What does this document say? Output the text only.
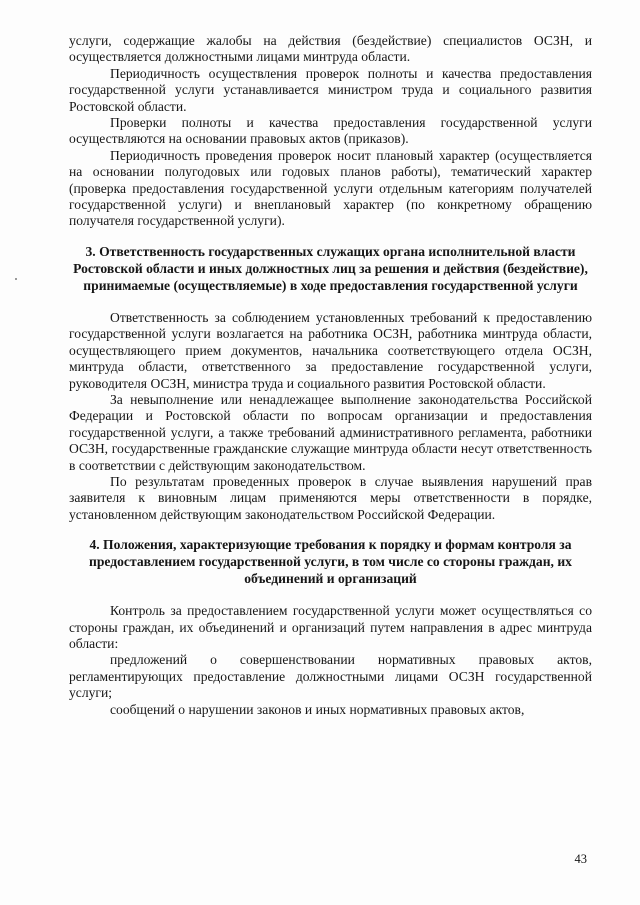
услуги, содержащие жалобы на действия (бездействие) специалистов ОСЗН, и осуществляется должностными лицами минтруда области.

Периодичность осуществления проверок полноты и качества предоставления государственной услуги устанавливается министром труда и социального развития Ростовской области.

Проверки полноты и качества предоставления государственной услуги осуществляются на основании правовых актов (приказов).

Периодичность проведения проверок носит плановый характер (осуществляется на основании полугодовых или годовых планов работы), тематический характер (проверка предоставления государственной услуги отдельным категориям получателей государственной услуги) и внеплановый характер (по конкретному обращению получателя государственной услуги).

3. Ответственность государственных служащих органа исполнительной власти Ростовской области и иных должностных лиц за решения и действия (бездействие), принимаемые (осуществляемые) в ходе предоставления государственной услуги

Ответственность за соблюдением установленных требований к предоставлению государственной услуги возлагается на работника ОСЗН, работника минтруда области, осуществляющего прием документов, начальника соответствующего отдела ОСЗН, минтруда области, ответственного за предоставление государственной услуги, руководителя ОСЗН, министра труда и социального развития Ростовской области.

За невыполнение или ненадлежащее выполнение законодательства Российской Федерации и Ростовской области по вопросам организации и предоставления государственной услуги, а также требований административного регламента, работники ОСЗН, государственные гражданские служащие минтруда области несут ответственность в соответствии с действующим законодательством.

По результатам проведенных проверок в случае выявления нарушений прав заявителя к виновным лицам применяются меры ответственности в порядке, установленном действующим законодательством Российской Федерации.

4. Положения, характеризующие требования к порядку и формам контроля за предоставлением государственной услуги, в том числе со стороны граждан, их объединений и организаций

Контроль за предоставлением государственной услуги может осуществляться со стороны граждан, их объединений и организаций путем направления в адрес минтруда области:

предложений о совершенствовании нормативных правовых актов, регламентирующих предоставление должностными лицами ОСЗН государственной услуги;

сообщений о нарушении законов и иных нормативных правовых актов,

43
